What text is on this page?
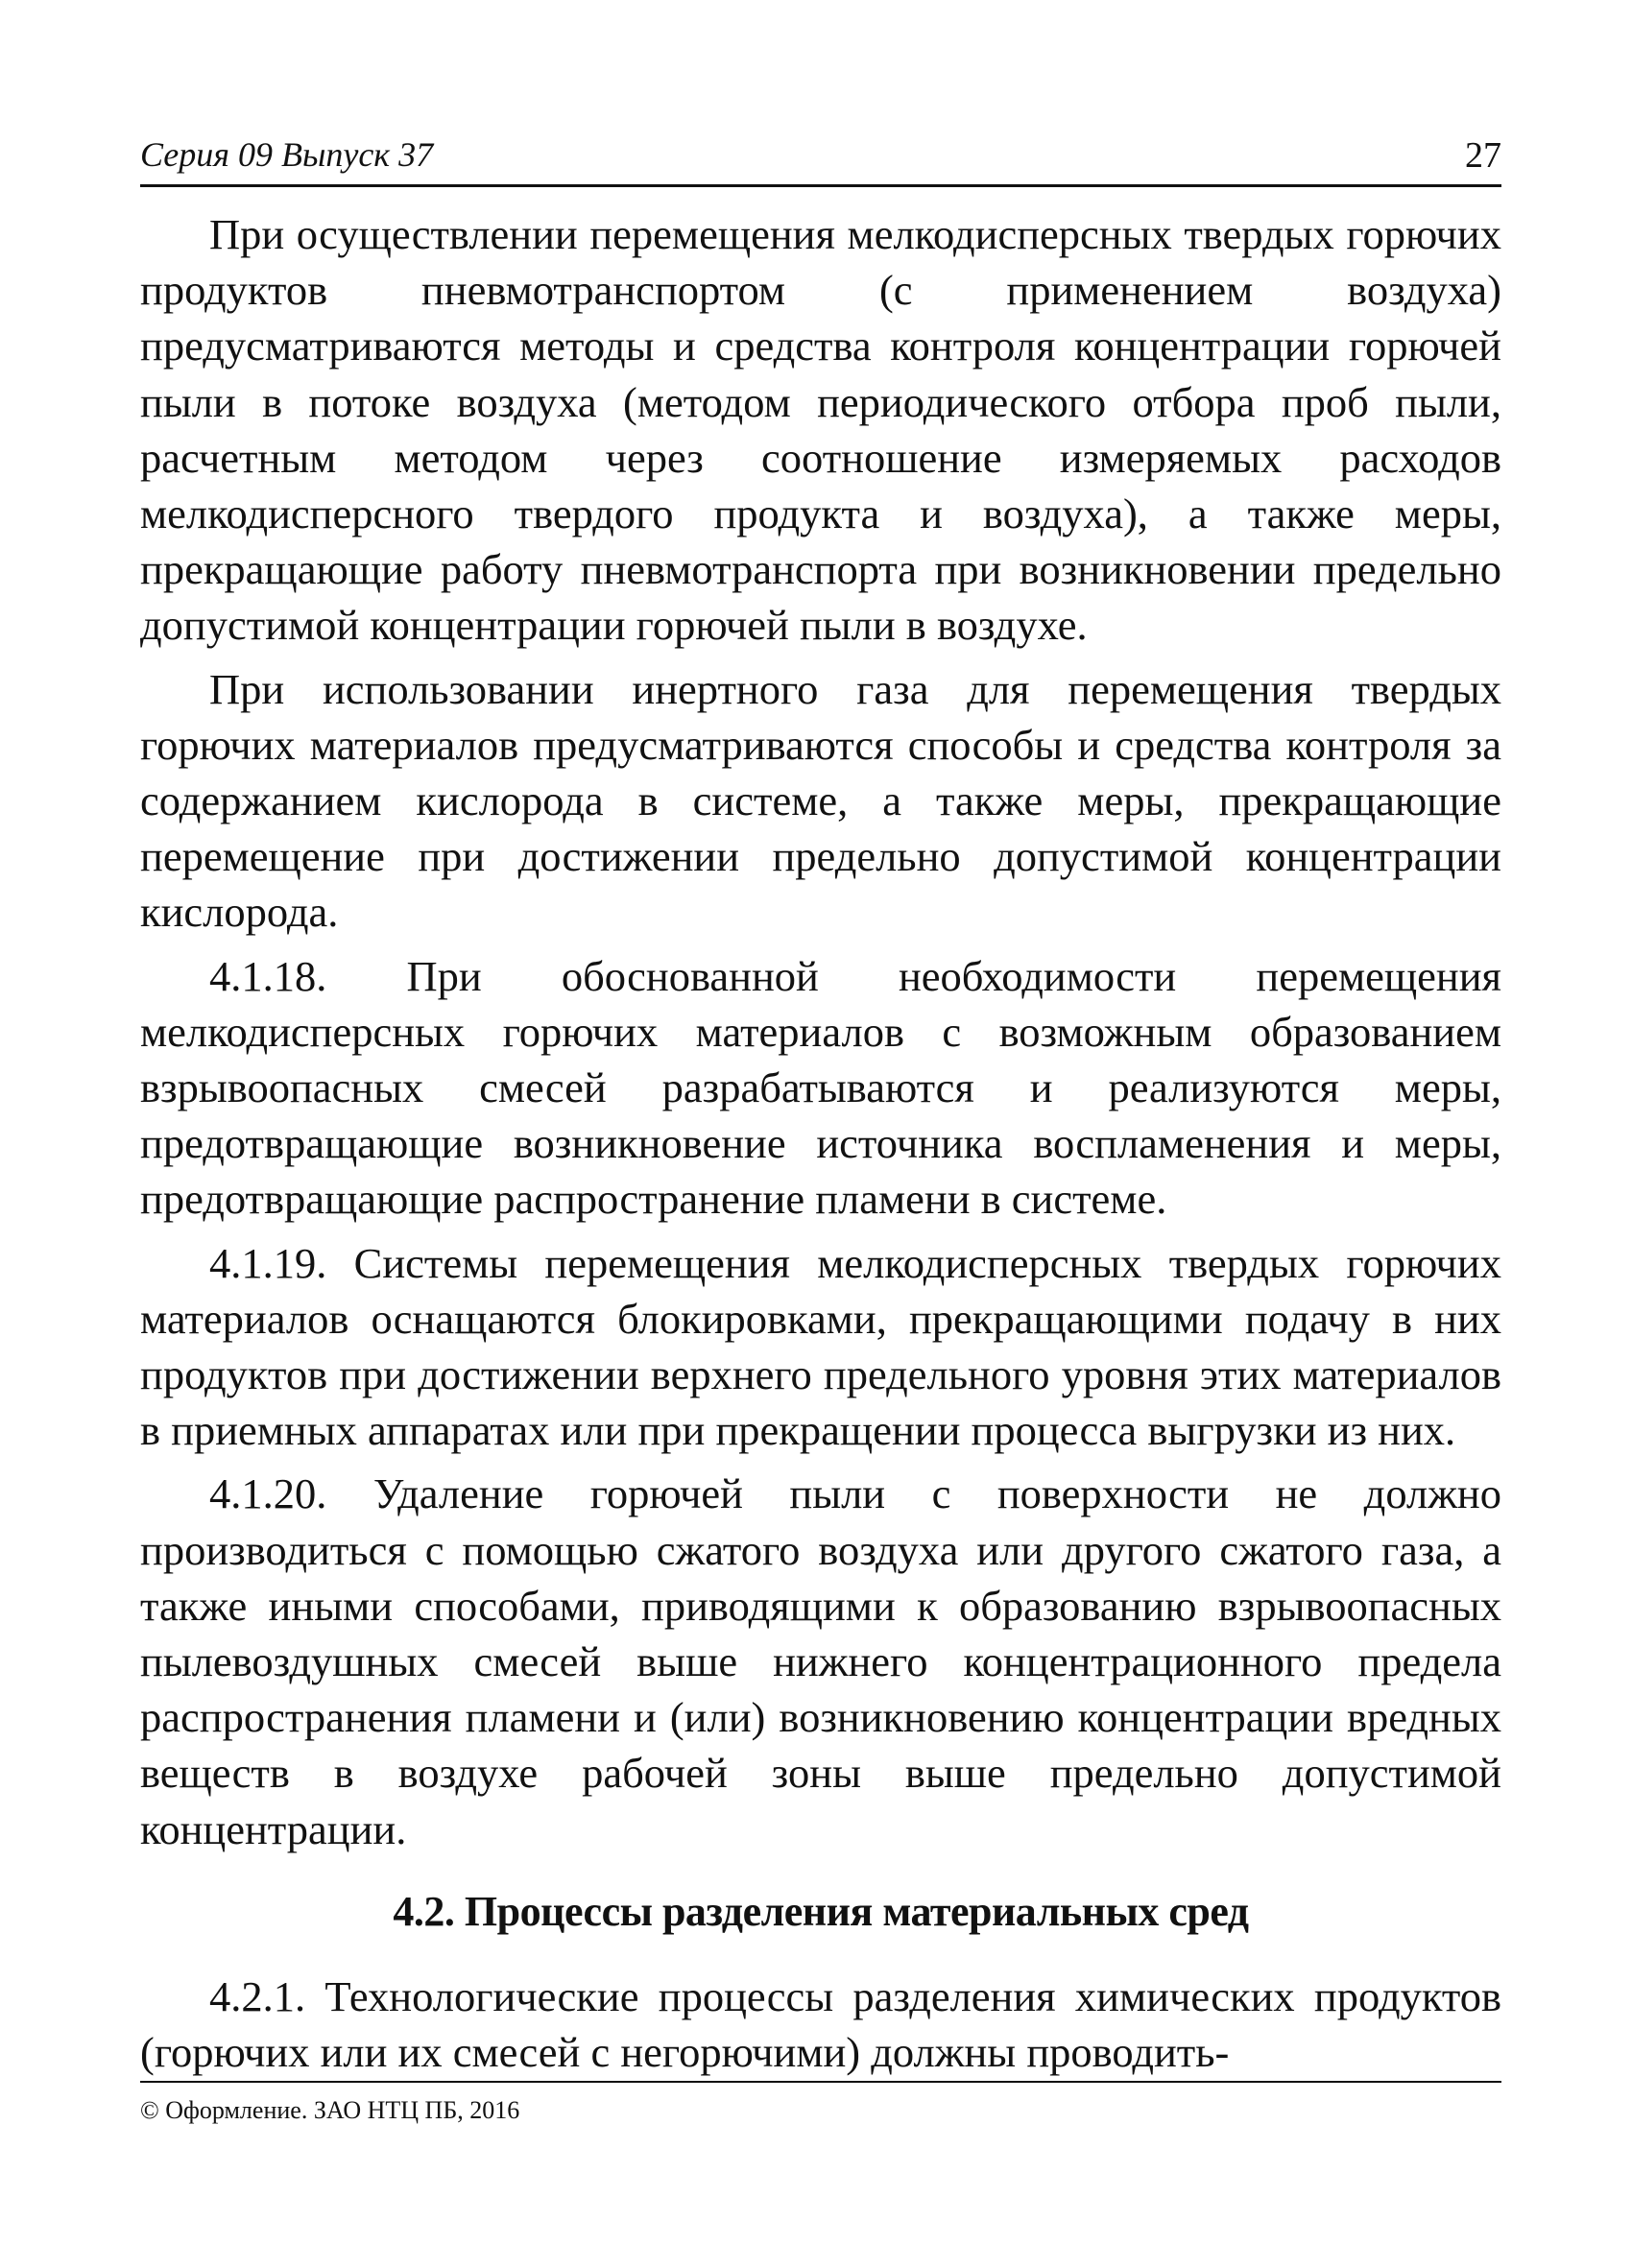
Серия 09 Выпуск 37	27

При осуществлении перемещения мелкодисперсных твердых горючих продуктов пневмотранспортом (с применением воздуха) предусматриваются методы и средства контроля концентрации горючей пыли в потоке воздуха (методом периодического отбора проб пыли, расчетным методом через соотношение измеряемых расходов мелкодисперсного твердого продукта и воздуха), а также меры, прекращающие работу пневмотранспорта при возникновении предельно допустимой концентрации горючей пыли в воздухе.

При использовании инертного газа для перемещения твердых горючих материалов предусматриваются способы и средства контроля за содержанием кислорода в системе, а также меры, прекращающие перемещение при достижении предельно допустимой концентрации кислорода.

4.1.18. При обоснованной необходимости перемещения мелкодисперсных горючих материалов с возможным образованием взрывоопасных смесей разрабатываются и реализуются меры, предотвращающие возникновение источника воспламенения и меры, предотвращающие распространение пламени в системе.

4.1.19. Системы перемещения мелкодисперсных твердых горючих материалов оснащаются блокировками, прекращающими подачу в них продуктов при достижении верхнего предельного уровня этих материалов в приемных аппаратах или при прекращении процесса выгрузки из них.

4.1.20. Удаление горючей пыли с поверхности не должно производиться с помощью сжатого воздуха или другого сжатого газа, а также иными способами, приводящими к образованию взрывоопасных пылевоздушных смесей выше нижнего концентрационного предела распространения пламени и (или) возникновению концентрации вредных веществ в воздухе рабочей зоны выше предельно допустимой концентрации.

4.2. Процессы разделения материальных сред

4.2.1. Технологические процессы разделения химических продуктов (горючих или их смесей с негорючими) должны проводить-

© Оформление. ЗАО НТЦ ПБ, 2016
